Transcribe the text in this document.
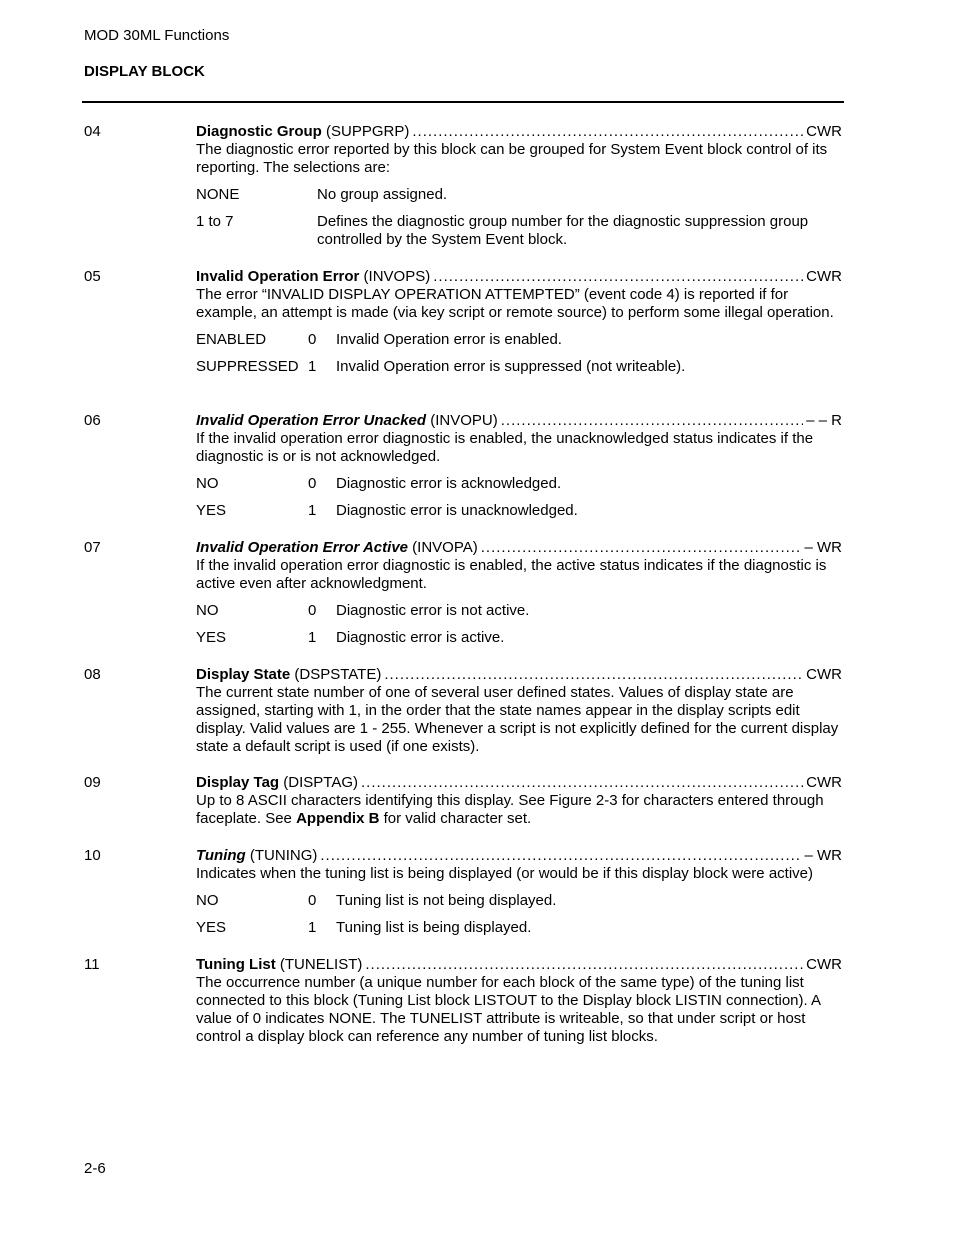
MOD 30ML Functions
DISPLAY BLOCK
04	Diagnostic Group
(SUPPGRP) .....	CWR
The diagnostic error reported by this block can be grouped for System Event block control of its reporting. The selections are:
NONE	No group assigned.
1 to 7	Defines the diagnostic group number for the diagnostic suppression group controlled by the System Event block.
05	Invalid Operation Error
(INVOPS) .....	CWR
The error “INVALID DISPLAY OPERATION ATTEMPTED” (event code 4) is reported if for example, an attempt is made (via key script or remote source) to perform some illegal operation.
ENABLED	0	Invalid Operation error is enabled.
SUPPRESSED 1	Invalid Operation error is suppressed (not writeable).
06	Invalid Operation Error Unacked
(INVOPU) .....	– – R
If the invalid operation error diagnostic is enabled, the unacknowledged status indicates if the diagnostic is or is not acknowledged.
NO	0	Diagnostic error is acknowledged.
YES	1	Diagnostic error is unacknowledged.
07	Invalid Operation Error Active
(INVOPA) .....	– WR
If the invalid operation error diagnostic is enabled, the active status indicates if the diagnostic is active even after acknowledgment.
NO	0	Diagnostic error is not active.
YES	1	Diagnostic error is active.
08	Display State
(DSPSTATE) .....	CWR
The current state number of one of several user defined states. Values of display state are assigned, starting with 1, in the order that the state names appear in the display scripts edit display. Valid values are 1 - 255. Whenever a script is not explicitly defined for the current display state a default script is used (if one exists).
09	Display Tag
(DISPTAG) .....	CWR
Up to 8 ASCII characters identifying this display. See Figure 2-3 for characters entered through faceplate. See Appendix B for valid character set.
10	Tuning
(TUNING) .....	– WR
Indicates when the tuning list is being displayed (or would be if this display block were active)
NO	0	Tuning list is not being displayed.
YES	1	Tuning list is being displayed.
11	Tuning List
(TUNELIST) .....	CWR
The occurrence number (a unique number for each block of the same type) of the tuning list connected to this block (Tuning List block LISTOUT to the Display block LISTIN connection). A value of 0 indicates NONE. The TUNELIST attribute is writeable, so that under script or host control a display block can reference any number of tuning list blocks.
2-6
